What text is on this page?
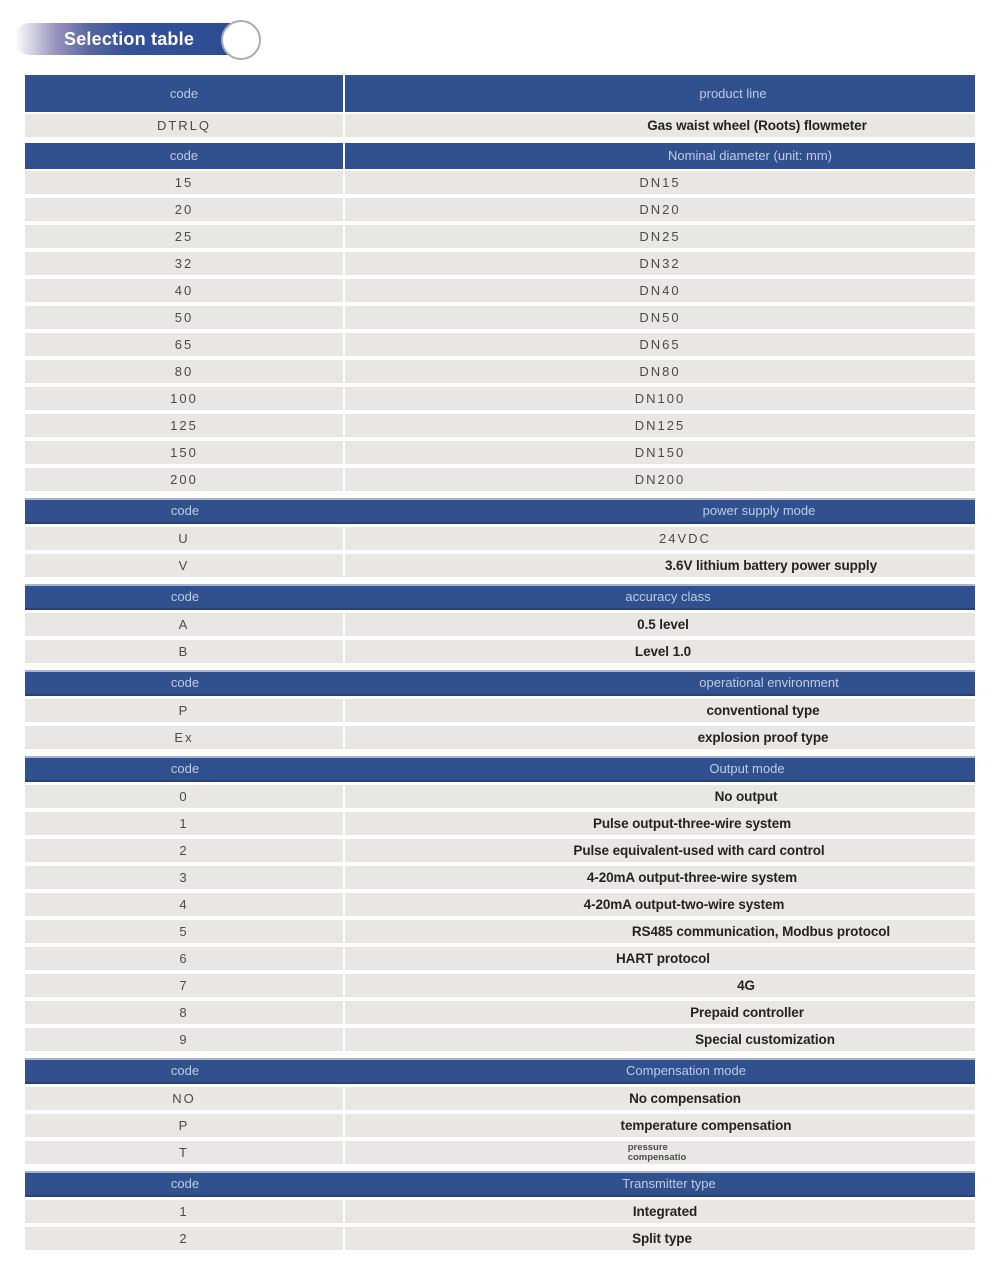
Selection table
code	product line
DTRLQ	Gas waist wheel (Roots) flowmeter
code	Nominal diameter (unit: mm)
15	DN15
20	DN20
25	DN25
32	DN32
40	DN40
50	DN50
65	DN65
80	DN80
100	DN100
125	DN125
150	DN150
200	DN200
code	power supply mode
U	24VDC
V	3.6V lithium battery power supply
code	accuracy class
A	0.5 level
B	Level 1.0
code	operational environment
P	conventional type
Ex	explosion proof type
code	Output mode
0	No output
1	Pulse output-three-wire system
2	Pulse equivalent-used with card control
3	4-20mA output-three-wire system
4	4-20mA output-two-wire system
5	RS485 communication, Modbus protocol
6	HART protocol
7	4G
8	Prepaid controller
9	Special customization
code	Compensation mode
NO	No compensation
P	temperature compensation
T	pressure
compensatio
code	Transmitter type
1	Integrated
2	Split type
